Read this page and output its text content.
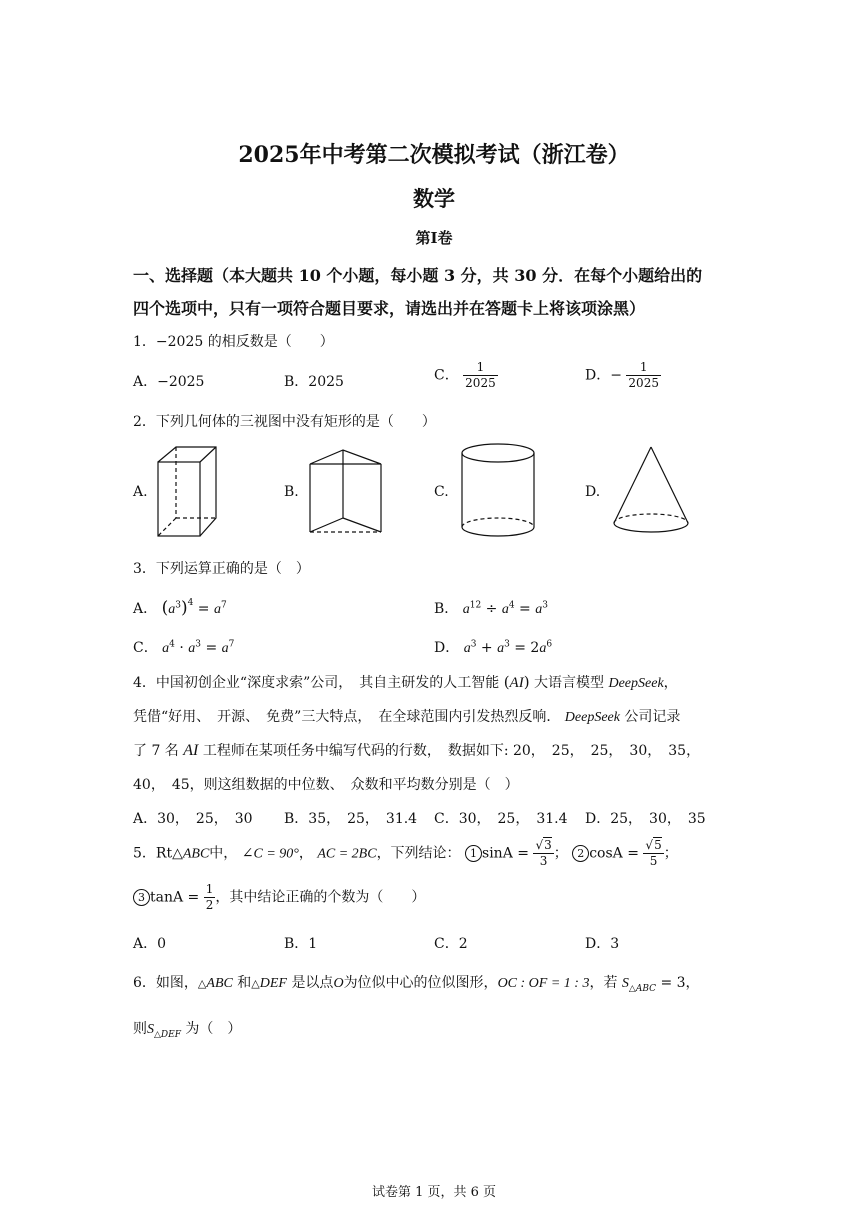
2025年中考第二次模拟考试（浙江卷）
数学
第I卷
一、选择题（本大题共 10 个小题，每小题 3 分，共 30 分．在每个小题给出的
四个选项中，只有一项符合题目要求，请选出并在答题卡上将该项涂黑）
1．−2025 的相反数是（　　）
A．−2025	B．2025	C． $\frac{1}{2025}$	D．− $\frac{1}{2025}$
2．下列几何体的三视图中没有矩形的是（　　）
A.	B.	C.	D.
3．下列运算正确的是（　）
A． $(a^3)^4 = a^7$	B． $a^{12} \div a^4 = a^3$
C． $a^4 \cdot a^3 = a^7$	D． $a^3 + a^3 = 2a^6$
4．中国初创企业“深度求索”公司，　其自主研发的人工智能 (AI) 大语言模型 DeepSeek，
凭借“好用、　开源、　免费”三大特点，　在全球范围内引发热烈反响． DeepSeek 公司记录
了 7 名 AI 工程师在某项任务中编写代码的行数，　数据如下: 20，　25，　25，　30，　35，
40，　45，则这组数据的中位数、　众数和平均数分别是（　）
A．30，　25，　30 B．35，　25，　31.4 C．30，　25，　31.4 D．25，　30，　35
5．Rt△ABC中， ∠C = 90°， AC = 2BC，下列结论： 1 $\sin A = \frac{√3}{3}$ ； 2 $\cos A = \frac{√5}{5}$ ；
3 $\tan A = \frac{1}{2}$ ，其中结论正确的个数为（　　）
A．0	B．1	C．2	D．3
6．如图，△ABC 和△DEF 是以点O为位似中心的位似图形，OC : OF = 1 : 3，若 $S_{\triangle ABC} = 3$，
则$S_{\triangle DEF}$ 为（　）
试卷第 1 页，共 6 页
